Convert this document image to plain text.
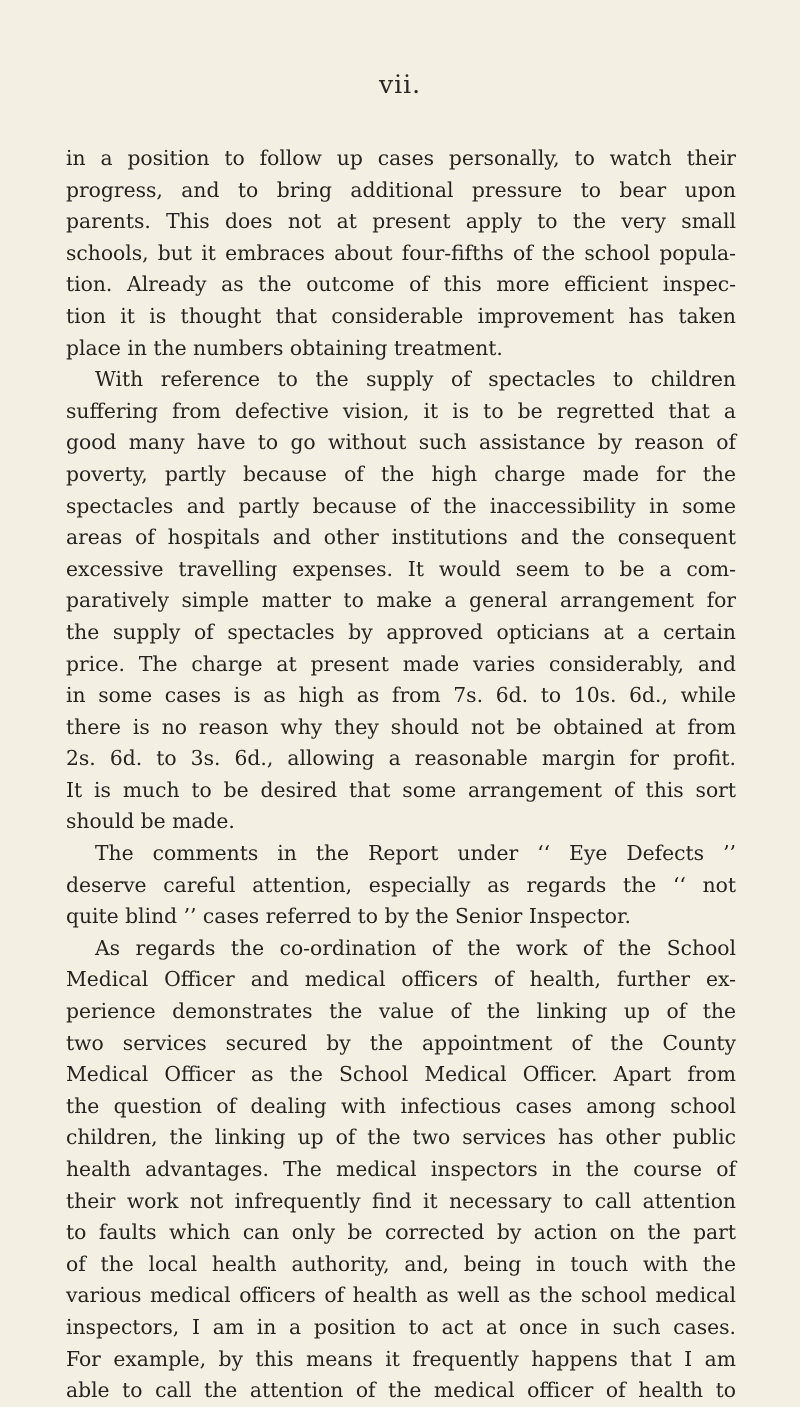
vii.
in a position to follow up cases personally, to watch their
progress, and to bring additional pressure to bear upon
parents. This does not at present apply to the very small
schools, but it embraces about four-fifths of the school popula-
tion. Already as the outcome of this more efficient inspec-
tion it is thought that considerable improvement has taken
place in the numbers obtaining treatment.
With reference to the supply of spectacles to children
suffering from defective vision, it is to be regretted that a
good many have to go without such assistance by reason of
poverty, partly because of the high charge made for the
spectacles and partly because of the inaccessibility in some
areas of hospitals and other institutions and the consequent
excessive travelling expenses. It would seem to be a com-
paratively simple matter to make a general arrangement for
the supply of spectacles by approved opticians at a certain
price. The charge at present made varies considerably, and
in some cases is as high as from 7s. 6d. to 10s. 6d., while
there is no reason why they should not be obtained at from
2s. 6d. to 3s. 6d., allowing a reasonable margin for profit.
It is much to be desired that some arrangement of this sort
should be made.
The comments in the Report under ‘‘ Eye Defects ’’
deserve careful attention, especially as regards the ‘‘ not
quite blind ’’ cases referred to by the Senior Inspector.
As regards the co-ordination of the work of the School
Medical Officer and medical officers of health, further ex-
perience demonstrates the value of the linking up of the
two services secured by the appointment of the County
Medical Officer as the School Medical Officer. Apart from
the question of dealing with infectious cases among school
children, the linking up of the two services has other public
health advantages. The medical inspectors in the course of
their work not infrequently find it necessary to call attention
to faults which can only be corrected by action on the part
of the local health authority, and, being in touch with the
various medical officers of health as well as the school medical
inspectors, I am in a position to act at once in such cases.
For example, by this means it frequently happens that I am
able to call the attention of the medical officer of health to
